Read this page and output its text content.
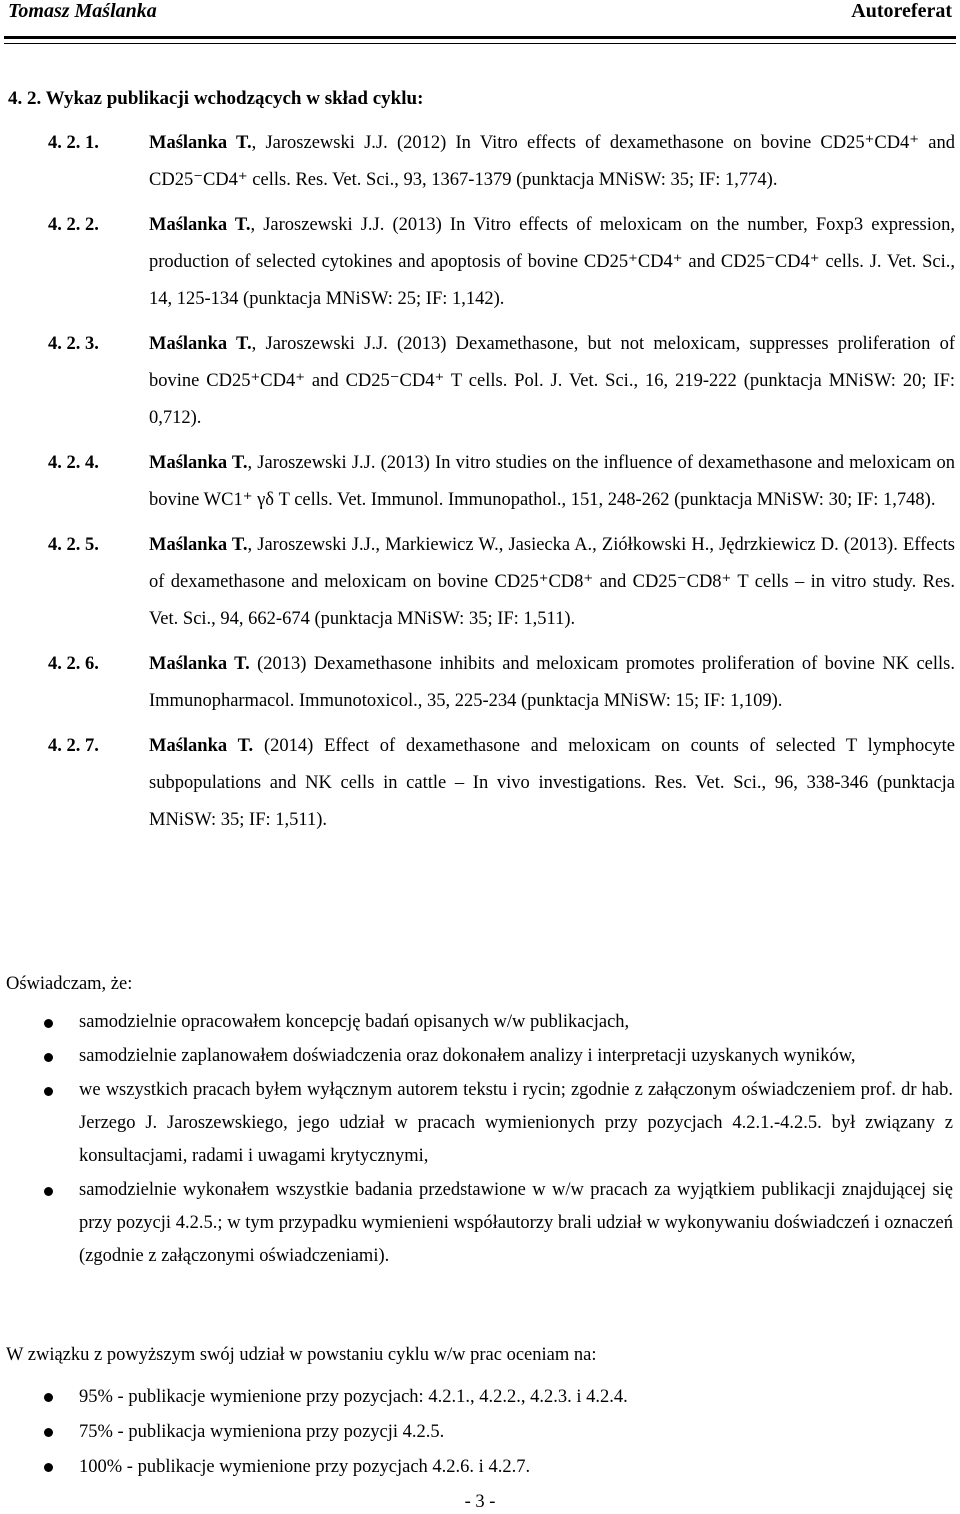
Tomasz Maślanka	Autoreferat
4. 2. Wykaz publikacji wchodzących w skład cyklu:
4. 2. 1.	Maślanka T., Jaroszewski J.J. (2012) In Vitro effects of dexamethasone on bovine CD25⁺CD4⁺ and CD25⁻CD4⁺ cells. Res. Vet. Sci., 93, 1367-1379 (punktacja MNiSW: 35; IF: 1,774).
4. 2. 2.	Maślanka T., Jaroszewski J.J. (2013) In Vitro effects of meloxicam on the number, Foxp3 expression, production of selected cytokines and apoptosis of bovine CD25⁺CD4⁺ and CD25⁻CD4⁺ cells. J. Vet. Sci., 14, 125-134 (punktacja MNiSW: 25; IF: 1,142).
4. 2. 3.	Maślanka T., Jaroszewski J.J. (2013) Dexamethasone, but not meloxicam, suppresses proliferation of bovine CD25⁺CD4⁺ and CD25⁻CD4⁺ T cells. Pol. J. Vet. Sci., 16, 219-222 (punktacja MNiSW: 20; IF: 0,712).
4. 2. 4.	Maślanka T., Jaroszewski J.J. (2013) In vitro studies on the influence of dexamethasone and meloxicam on bovine WC1⁺ γδ T cells. Vet. Immunol. Immunopathol., 151, 248-262 (punktacja MNiSW: 30; IF: 1,748).
4. 2. 5.	Maślanka T., Jaroszewski J.J., Markiewicz W., Jasiecka A., Ziółkowski H., Jędrzkiewicz D. (2013). Effects of dexamethasone and meloxicam on bovine CD25⁺CD8⁺ and CD25⁻CD8⁺ T cells – in vitro study. Res. Vet. Sci., 94, 662-674 (punktacja MNiSW: 35; IF: 1,511).
4. 2. 6.	Maślanka T. (2013) Dexamethasone inhibits and meloxicam promotes proliferation of bovine NK cells. Immunopharmacol. Immunotoxicol., 35, 225-234 (punktacja MNiSW: 15; IF: 1,109).
4. 2. 7.	Maślanka T. (2014) Effect of dexamethasone and meloxicam on counts of selected T lymphocyte subpopulations and NK cells in cattle – In vivo investigations. Res. Vet. Sci., 96, 338-346 (punktacja MNiSW: 35; IF: 1,511).
Oświadczam, że:
samodzielnie opracowałem koncepcję badań opisanych w/w publikacjach,
samodzielnie zaplanowałem doświadczenia oraz dokonałem analizy i interpretacji uzyskanych wyników,
we wszystkich pracach byłem wyłącznym autorem tekstu i rycin; zgodnie z załączonym oświadczeniem prof. dr hab. Jerzego J. Jaroszewskiego, jego udział w pracach wymienionych przy pozycjach 4.2.1.-4.2.5. był związany z konsultacjami, radami i uwagami krytycznymi,
samodzielnie wykonałem wszystkie badania przedstawione w w/w pracach za wyjątkiem publikacji znajdującej się przy pozycji 4.2.5.; w tym przypadku wymienieni współautorzy brali udział w wykonywaniu doświadczeń i oznaczeń (zgodnie z załączonymi oświadczeniami).
W związku z powyższym swój udział w powstaniu cyklu w/w prac oceniam na:
95% - publikacje wymienione przy pozycjach: 4.2.1., 4.2.2., 4.2.3. i 4.2.4.
75% - publikacja wymieniona przy pozycji 4.2.5.
100% - publikacje wymienione przy pozycjach 4.2.6. i 4.2.7.
- 3 -
